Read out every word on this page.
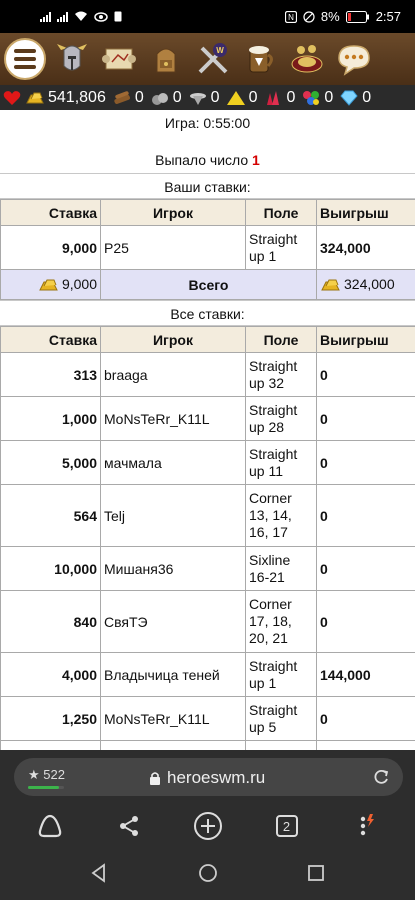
N 8%	2:57
W
541,806 0 0 0 0 0 0 0
Игра: 0:55:00
Выпало число 1
Ваши ставки:
Ставка	Игрок	Поле	Выигрыш
9,000	P25	Straight up 1	324,000
9,000	Всего		324,000
Все ставки:
Ставка	Игрок	Поле	Выигрыш
313	braaga	Straight up 32	0
1,000	MoNsTeRr_K11L	Straight up 28	0
5,000	мачмала	Straight up 11	0
564	Telj	Corner 13, 14, 16, 17	0
10,000	Мишаня36	Sixline 16-21	0
840	СвяТЭ	Corner 17, 18, 20, 21	0
4,000	Владычица теней	Straight up 1	144,000
1,250	MoNsTeRr_K11L	Straight up 5	0

★ 522	heroeswm.ru
2
